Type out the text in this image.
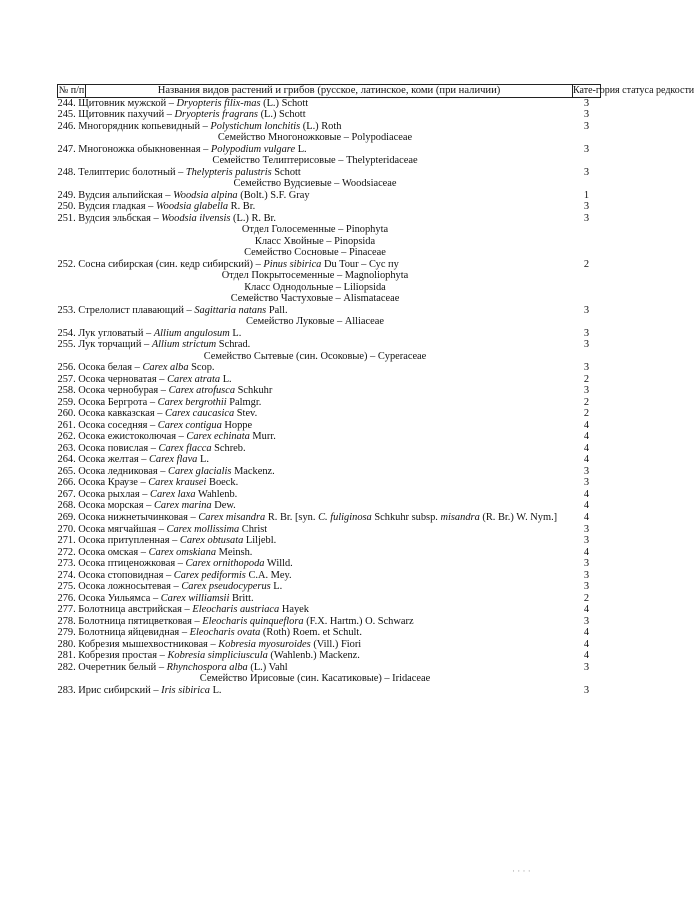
№ п/п	Названия видов растений и грибов (русское, латинское, коми (при наличии)	Кате-гория статуса редкости
244. Щитовник мужской – Dryopteris filix-mas (L.) Schott		3
245. Щитовник пахучий – Dryopteris fragrans (L.) Schott		3
246. Многорядник копьевидный – Polystichum lonchitis (L.) Roth		3
Семейство Многоножковые – Polypodiaceae		
247. Многоножка обыкновенная – Polypodium vulgare L.		3
Семейство Телиптерисовые – Thelypteridaceae		
248. Телиптерис болотный – Thelypteris palustris Schott		3
Семейство Вудсиевые – Woodsiaceae		
249. Вудсия альпийская – Woodsia alpina (Bolt.) S.F. Gray		1
250. Вудсия гладкая – Woodsia glabella R. Br.		3
251. Вудсия эльбская – Woodsia ilvensis (L.) R. Br.		3
Отдел Голосеменные – Pinophyta		
Класс Хвойные – Pinopsida		
Семейство Сосновые – Pinaceae		
252. Сосна сибирская (син. кедр сибирский) – Pinus sibirica Du Tour – Сус пу		2
Отдел Покрытосеменные – Magnoliophyta		
Класс Однодольные – Liliopsida		
Семейство Частуховые – Alismataceae		
253. Стрелолист плавающий – Sagittaria natans Pall.		3
Семейство Луковые – Alliaceae		
254. Лук угловатый – Allium angulosum L.		3
255. Лук торчащий – Allium strictum Schrad.		3
Семейство Сытевые (син. Осоковые) – Cyperaceae		
256. Осока белая – Carex alba Scop.		3
257. Осока черноватая – Carex atrata L.		2
258. Осока чернобурая – Carex atrofusca Schkuhr		3
259. Осока Бергрота – Carex bergrothii Palmgr.		2
260. Осока кавказская – Carex caucasica Stev.		2
261. Осока соседняя – Carex contigua Hoppe		4
262. Осока ежистоколючая – Carex echinata Murr.		4
263. Осока повислая – Carex flacca Schreb.		4
264. Осока желтая – Carex flava L.		4
265. Осока ледниковая – Carex glacialis Mackenz.		3
266. Осока Краузе – Carex krausei Boeck.		3
267. Осока рыхлая – Carex laxa Wahlenb.		4
268. Осока морская – Carex marina Dew.		4
269. Осока нижнетычинковая – Carex misandra R. Br. [syn. C. fuliginosa Schkuhr subsp. misandra (R. Br.) W. Nym.]		4
270. Осока мягчайшая – Carex mollissima Christ		3
271. Осока притупленная – Carex obtusata Liljebl.		3
272. Осока омская – Carex omskiana Meinsh.		4
273. Осока птиценожковая – Carex ornithopoda Willd.		3
274. Осока стоповидная – Carex pediformis C.A. Mey.		3
275. Осока ложносытевая – Carex pseudocyperus L.		3
276. Осока Уильямса – Carex williamsii Britt.		2
277. Болотница австрийская – Eleocharis austriaca Hayek		4
278. Болотница пятицветковая – Eleocharis quinqueflora (F.X. Hartm.) O. Schwarz		3
279. Болотница яйцевидная – Eleocharis ovata (Roth) Roem. et Schult.		4
280. Кобрезия мышехвостниковая – Kobresia myosuroides (Vill.) Fiori		4
281. Кобрезия простая – Kobresia simpliciuscula (Wahlenb.) Mackenz.		4
282. Очеретник белый – Rhynchospora alba (L.) Vahl		3
Семейство Ирисовые (син. Касатиковые) – Iridaceae		
283. Ирис сибирский – Iris sibirica L.		3
· · · ·
